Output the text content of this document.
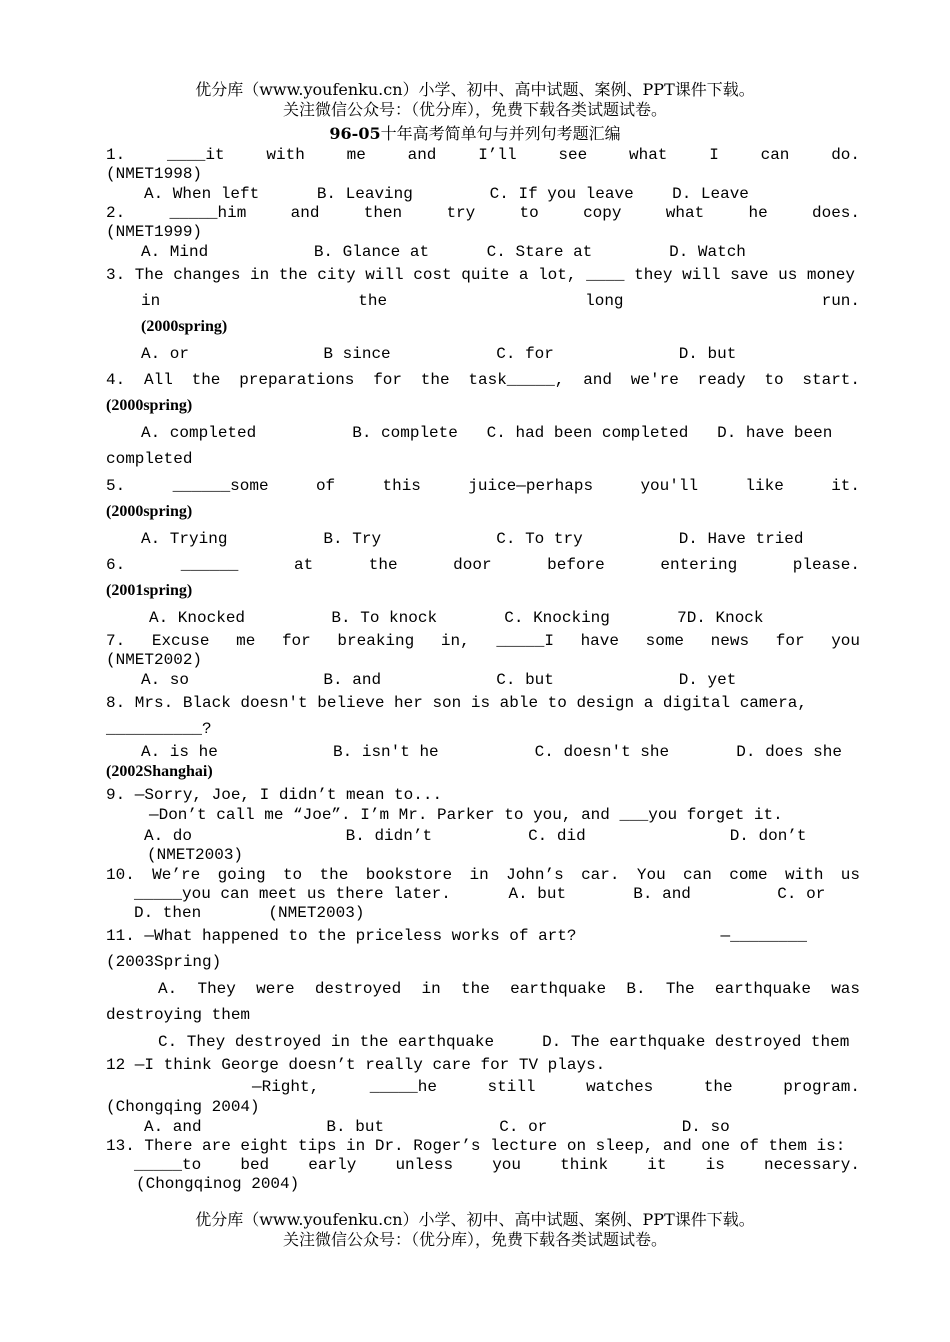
优分库（www.youfenku.cn）小学、初中、高中试题、案例、PPT课件下载。
关注微信公众号：（优分库），免费下载各类试题试卷。
96-05十年高考简单句与并列句考题汇编
1. ____it with me and I’ll see what I can do.
(NMET1998)
A. When left      B. Leaving        C. If you leave    D. Leave
2. _____him and then try to copy what he does.
(NMET1999)
A. Mind           B. Glance at      C. Stare at        D. Watch
3. The changes in the city will cost quite a lot, ____ they will save us money
in the long run.
(2000spring)
A. or              B since           C. for             D. but
4. All the preparations for the task_____, and we're ready to start.
(2000spring)
A. completed          B. complete   C. had been completed   D. have been
completed
5. ______some of this juice—perhaps you'll like it.
(2000spring)
A. Trying          B. Try            C. To try          D. Have tried
6. ______ at the door before entering please.
(2001spring)
A. Knocked         B. To knock       C. Knocking       7D. Knock
7. Excuse me for breaking in, _____I have some news for you
(NMET2002)
A. so              B. and            C. but             D. yet
8. Mrs. Black doesn't believe her son is able to design a digital camera,
__________?
A. is he            B. isn't he          C. doesn't she       D. does she
(2002Shanghai)
9. —Sorry, Joe, I didn’t mean to...
—Don’t call me “Joe”. I’m Mr. Parker to you, and ___you forget it.
A. do                B. didn’t          C. did               D. don’t
(NMET2003)
10. We’re going to the bookstore in John’s car. You can come with us
_____you can meet us there later.      A. but       B. and         C. or
D. then       (NMET2003)
11. —What happened to the priceless works of art?               —________
(2003Spring)
A. They were destroyed in the earthquake B. The earthquake was
destroying them
C. They destroyed in the earthquake     D. The earthquake destroyed them
12 —I think George doesn’t really care for TV plays.
—Right, _____he still watches the program.
(Chongqing 2004)
A. and             B. but            C. or              D. so
13. There are eight tips in Dr. Roger’s lecture on sleep, and one of them is:
_____to bed early unless you think it is necessary.
(Chongqinog 2004)
优分库（www.youfenku.cn）小学、初中、高中试题、案例、PPT课件下载。
关注微信公众号：（优分库），免费下载各类试题试卷。
